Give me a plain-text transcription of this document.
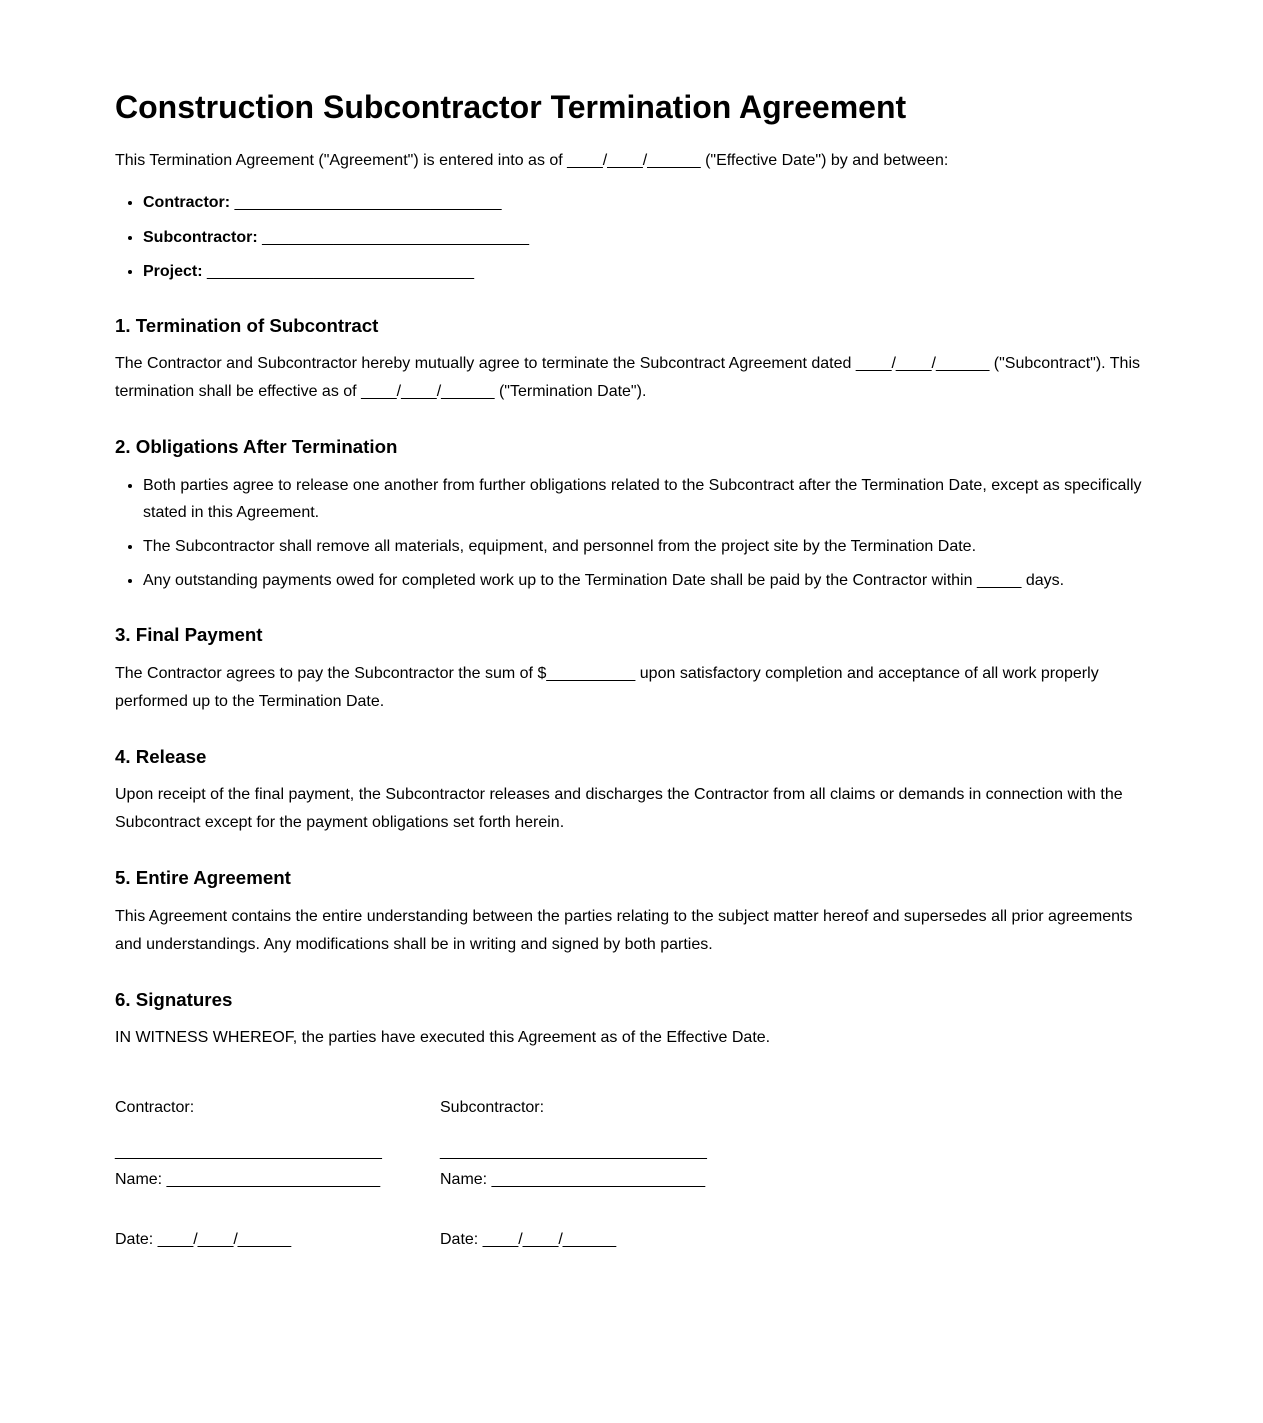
Construction Subcontractor Termination Agreement

This Termination Agreement ("Agreement") is entered into as of ____/____/______ ("Effective Date") by and between:

• Contractor: ______________________________
• Subcontractor: ______________________________
• Project: ______________________________
1. Termination of Subcontract

The Contractor and Subcontractor hereby mutually agree to terminate the Subcontract Agreement dated ____/____/______ ("Subcontract"). This termination shall be effective as of ____/____/______ ("Termination Date").

2. Obligations After Termination
• Both parties agree to release one another from further obligations related to the Subcontract after the Termination Date, except as specifically stated in this Agreement.
• The Subcontractor shall remove all materials, equipment, and personnel from the project site by the Termination Date.
• Any outstanding payments owed for completed work up to the Termination Date shall be paid by the Contractor within _____ days.
3. Final Payment

The Contractor agrees to pay the Subcontractor the sum of $__________ upon satisfactory completion and acceptance of all work properly performed up to the Termination Date.

4. Release

Upon receipt of the final payment, the Subcontractor releases and discharges the Contractor from all claims or demands in connection with the Subcontract except for the payment obligations set forth herein.

5. Entire Agreement

This Agreement contains the entire understanding between the parties relating to the subject matter hereof and supersedes all prior agreements and understandings. Any modifications shall be in writing and signed by both parties.

6. Signatures

IN WITNESS WHEREOF, the parties have executed this Agreement as of the Effective Date.

Contractor:

______________________________
Name: ________________________

Date: ____/____/______

Subcontractor:

______________________________
Name: ________________________

Date: ____/____/______
